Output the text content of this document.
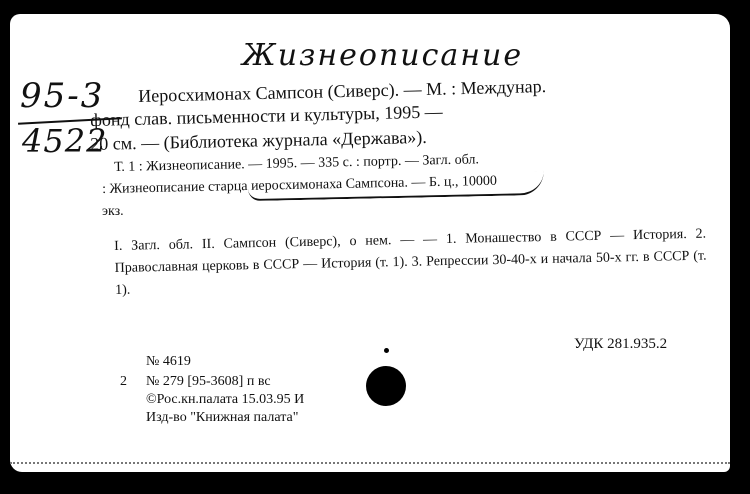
Жизнеописание
95-3
4522
Иеросхимонах Сампсон (Сиверс). — М. : Междунар.
фонд слав. письменности и культуры, 1995 —
20 см. — (Библиотека журнала «Держава»).
Т. 1 : Жизнеописание. — 1995. — 335 с. : портр. — Загл. обл.
: Жизнеописание старца иеросхимонаха Сампсона. — Б. ц., 10000
экз.
I. Загл. обл. II. Сампсон (Сиверс), о нем. — — 1. Монашество в СССР — История. 2. Православная церковь в СССР — История (т. 1). 3. Репрессии 30-40-х и начала 50-х гг. в СССР (т. 1).
УДК 281.935.2
№ 4619
2 № 279 [95-3608] п вс
©Рос.кн.палата 15.03.95 И
Изд-во "Книжная палата"
